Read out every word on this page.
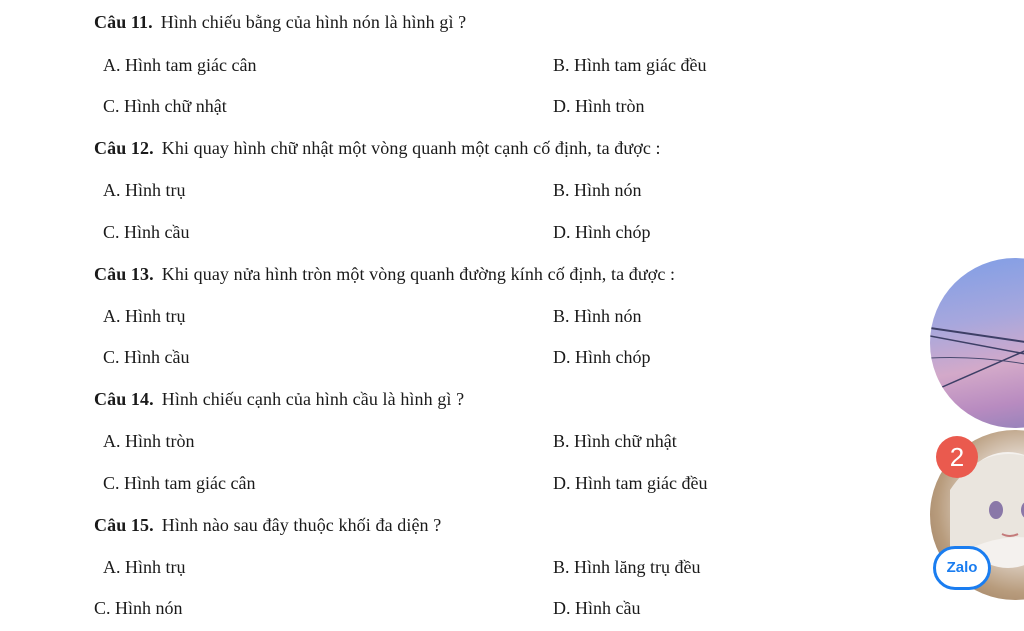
Câu 11. Hình chiếu bằng của hình nón là hình gì ?
A. Hình tam giác cân	B. Hình tam giác đều
C. Hình chữ nhật	D. Hình tròn
Câu 12. Khi quay hình chữ nhật một vòng quanh một cạnh cố định, ta được :
A. Hình trụ	B. Hình nón
C. Hình cầu	D. Hình chóp
Câu 13. Khi quay nửa hình tròn một vòng quanh đường kính cố định, ta được :
A. Hình trụ	B. Hình nón
C. Hình cầu	D. Hình chóp
Câu 14. Hình chiếu cạnh của hình cầu là hình gì ?
A. Hình tròn	B. Hình chữ nhật
C. Hình tam giác cân	D. Hình tam giác đều
Câu 15. Hình nào sau đây thuộc khối đa diện ?
A. Hình trụ	B. Hình lăng trụ đều
C. Hình nón	D. Hình cầu
2
Zalo
